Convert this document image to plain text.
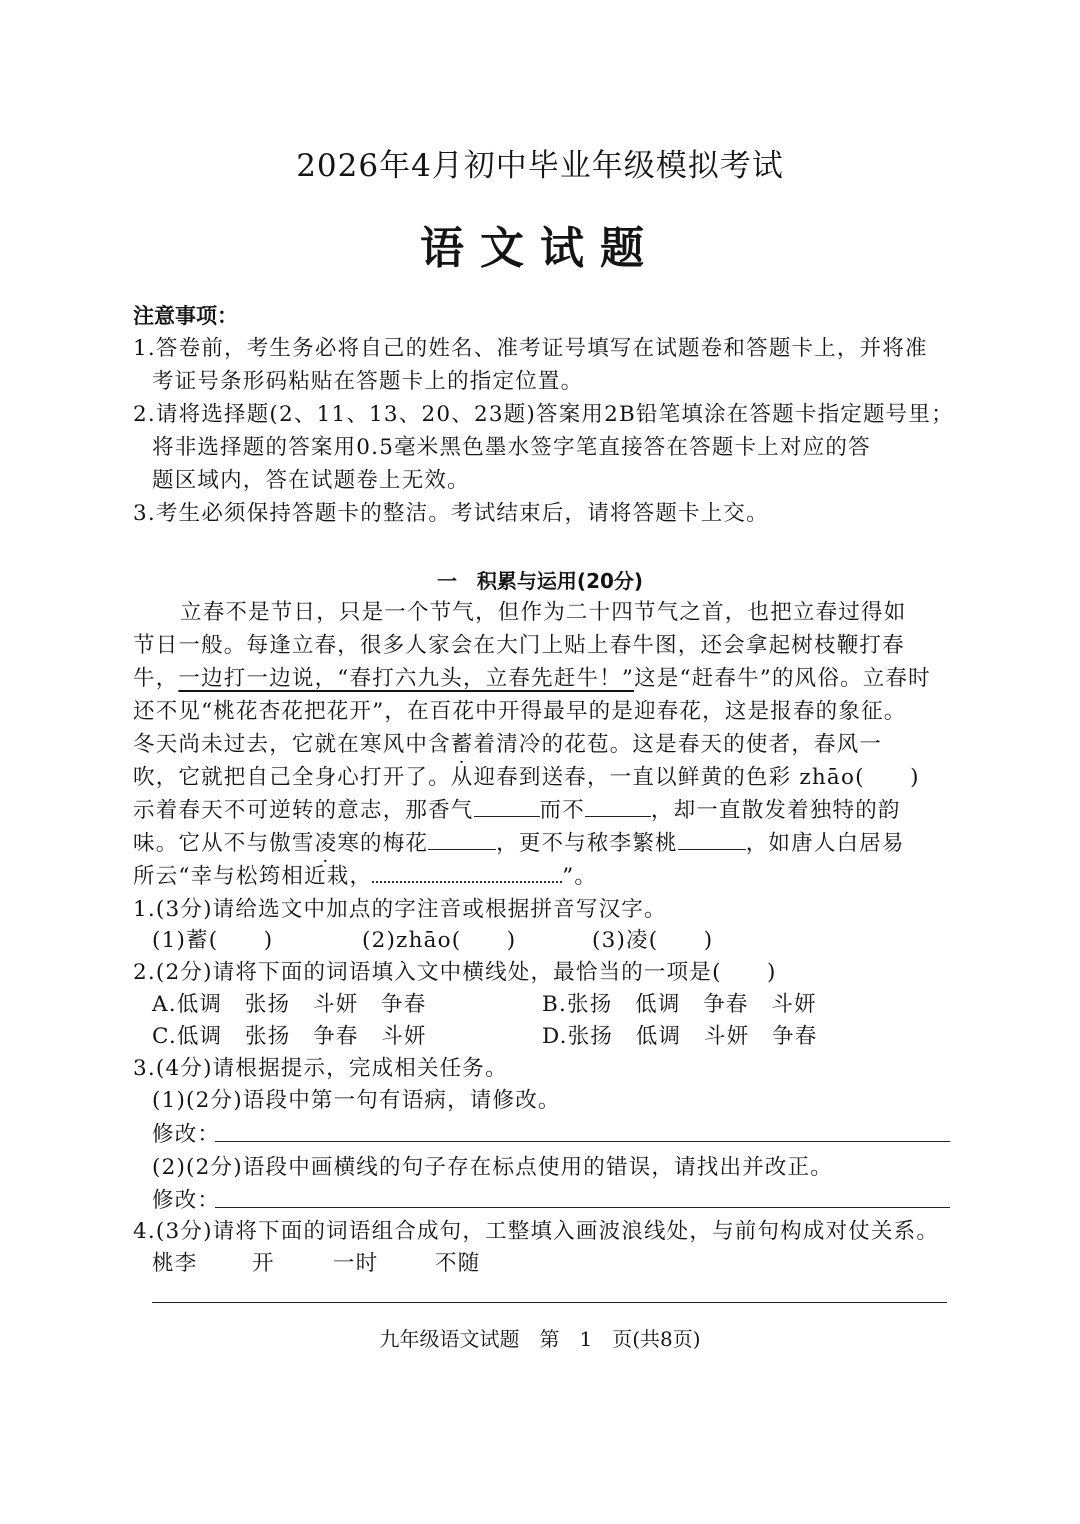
2026年4月初中毕业年级模拟考试
语文试题
注意事项：
1.答卷前，考生务必将自己的姓名、准考证号填写在试题卷和答题卡上，并将准
考证号条形码粘贴在答题卡上的指定位置。
2.请将选择题(2、11、13、20、23题)答案用2B铅笔填涂在答题卡指定题号里；
将非选择题的答案用0.5毫米黑色墨水签字笔直接答在答题卡上对应的答
题区域内，答在试题卷上无效。
3.考生必须保持答题卡的整洁。考试结束后，请将答题卡上交。
一　积累与运用(20分)
立春不是节日，只是一个节气，但作为二十四节气之首，也把立春过得如
节日一般。每逢立春，很多人家会在大门上贴上春牛图，还会拿起树枝鞭打春
牛，一边打一边说，“春打六九头，立春先赶牛！”这是“赶春牛”的风俗。立春时
还不见“桃花杏花把花开”，在百花中开得最早的是迎春花，这是报春的象征。
冬天尚未过去，它就在寒风中含蓄着清冷的花苞。这是春天的使者，春风一
吹，它就把自己全身心打开了。从迎春到送春，一直以鲜黄的色彩 zhāo(　　)
示着春天不可逆转的意志，那香气	而不	，却一直散发着独特的韵
味。它从不与傲雪凌寒的梅花	，更不与秾李繁桃	，如唐人白居易
所云“幸与松筠相近栽，	”。
1.(3分)请给选文中加点的字注音或根据拼音写汉字。
(1)蓄(　　)	(2)zhāo(　　)	(3)凌(　　)
2.(2分)请将下面的词语填入文中横线处，最恰当的一项是(　　)
A.低调　张扬　斗妍　争春	B.张扬　低调　争春　斗妍
C.低调　张扬　争春　斗妍	D.张扬　低调　斗妍　争春
3.(4分)请根据提示，完成相关任务。
(1)(2分)语段中第一句有语病，请修改。
修改：
(2)(2分)语段中画横线的句子存在标点使用的错误，请找出并改正。
修改：
4.(3分)请将下面的词语组合成句，工整填入画波浪线处，与前句构成对仗关系。
桃李	开	一时	不随
九年级语文试题　第　1　页(共8页)
